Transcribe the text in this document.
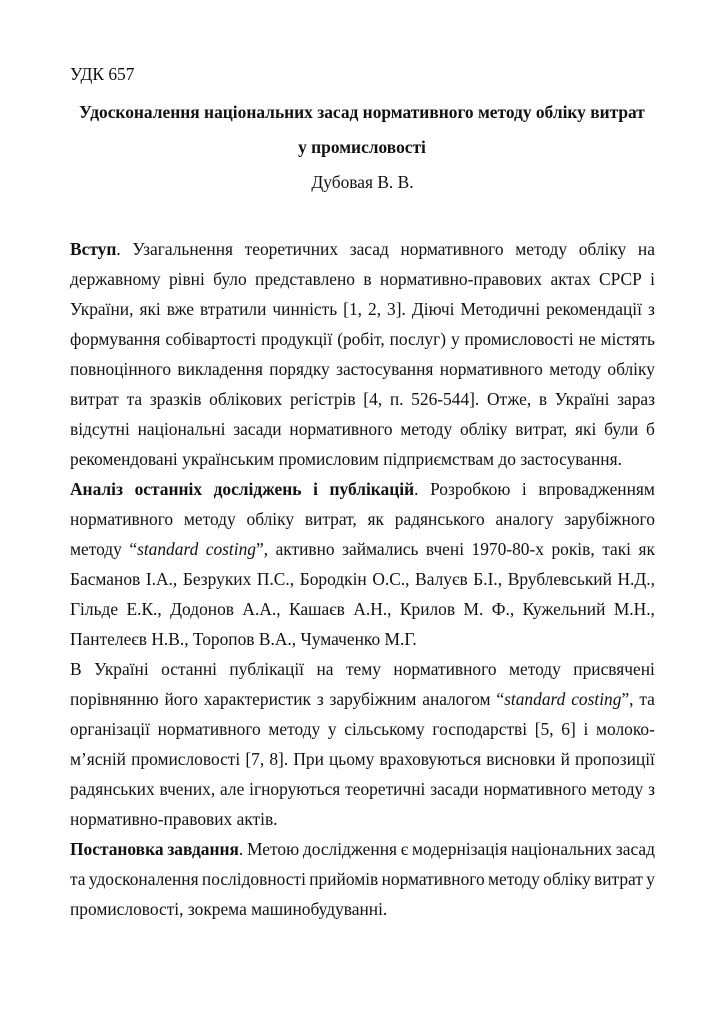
УДК 657
Удосконалення національних засад нормативного методу обліку витрат
у промисловості
Дубовая В. В.
Вступ. Узагальнення теоретичних засад нормативного методу обліку на
державному рівні було представлено в нормативно-правових актах СРСР і
України, які вже втратили чинність [1, 2, 3]. Діючі Методичні рекомендації з
формування собівартості продукції (робіт, послуг) у промисловості не містять
повноцінного викладення порядку застосування нормативного методу обліку
витрат та зразків облікових регістрів [4, п. 526-544]. Отже, в Україні зараз
відсутні національні засади нормативного методу обліку витрат, які були б
рекомендовані українським промисловим підприємствам до застосування.
Аналіз останніх досліджень і публікацій. Розробкою і впровадженням
нормативного методу обліку витрат, як радянського аналогу зарубіжного
методу “standard costing”, активно займались вчені 1970-80-х років, такі як
Басманов І.А., Безруких П.С., Бородкін О.С., Валуєв Б.І., Врублевський Н.Д.,
Гільде Е.К., Додонов А.А., Кашаєв А.Н., Крилов М. Ф., Кужельний М.Н.,
Пантелеєв Н.В., Торопов В.А., Чумаченко М.Г.
В Україні останні публікації на тему нормативного методу присвячені
порівнянню його характеристик з зарубіжним аналогом “standard costing”, та
організації нормативного методу у сільському господарстві [5, 6] і молоко-
м’ясній промисловості [7, 8]. При цьому враховуються висновки й пропозиції
радянських вчених, але ігноруються теоретичні засади нормативного методу з
нормативно-правових актів.
Постановка завдання. Метою дослідження є модернізація національних засад
та удосконалення послідовності прийомів нормативного методу обліку витрат у
промисловості, зокрема машинобудуванні.
